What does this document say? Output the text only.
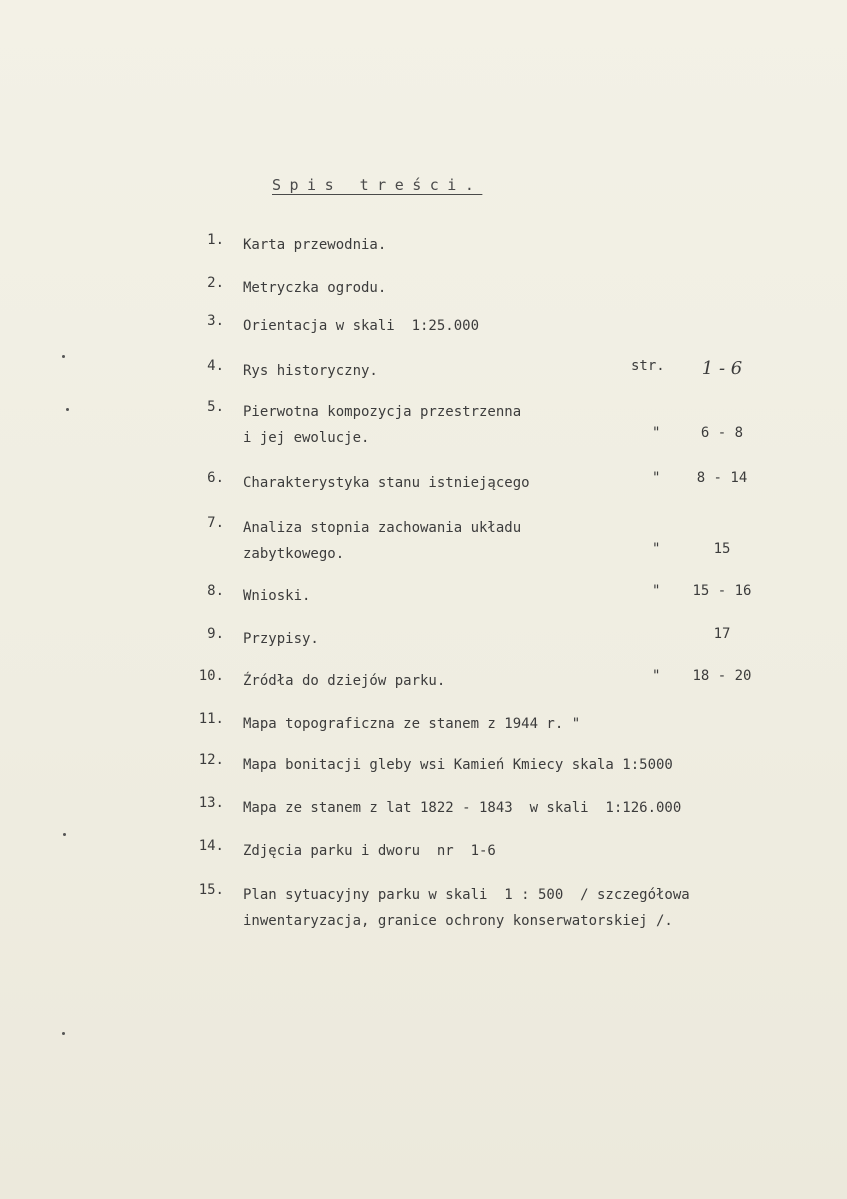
Spis treści.
1. Karta przewodnia.
2. Metryczka ogrodu.
3. Orientacja w skali  1:25.000
4. Rys historyczny.	str.	1 - 6
5. Pierwotna kompozycja przestrzenna
i jej ewolucje.	"	6 - 8
6. Charakterystyka stanu istniejącego	"	8 - 14
7. Analiza stopnia zachowania układu
zabytkowego.	"	15
8. Wnioski.	"	15 - 16
9. Przypisy.	17
10. Źródła do dziejów parku.	"	18 - 20
11. Mapa topograficzna ze stanem z 1944 r. "
12. Mapa bonitacji gleby wsi Kamień Kmiecy skala 1:5000
13. Mapa ze stanem z lat 1822 - 1843  w skali  1:126.000
14. Zdjęcia parku i dworu  nr  1-6
15. Plan sytuacyjny parku w skali  1 : 500  / szczegółowa
inwentaryzacja, granice ochrony konserwatorskiej /.
